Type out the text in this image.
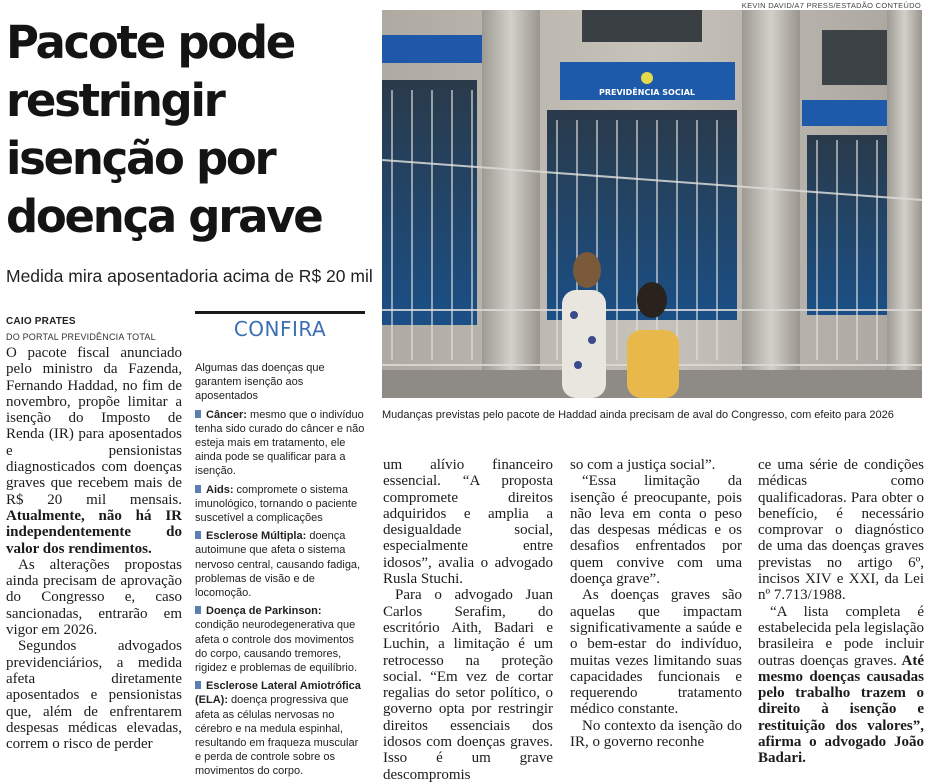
Pacote pode restringir isenção por doença grave
Medida mira aposentadoria acima de R$ 20 mil
CAIO PRATES
DO PORTAL PREVIDÊNCIA TOTAL

O pacote fiscal anunciado pelo ministro da Fazenda, Fernando Haddad, no fim de novembro, propõe limitar a isenção do Imposto de Renda (IR) para aposentados e pensionistas diagnosticados com doenças graves que recebem mais de R$ 20 mil mensais. Atualmente, não há IR independentemente do valor dos rendimentos.

As alterações propostas ainda precisam de aprovação do Congresso e, caso sancionadas, entrarão em vigor em 2026.

Segundos advogados previdenciários, a medida afeta diretamente aposentados e pensionistas que, além de enfrentarem despesas médicas elevadas, correm o risco de perder

CONFIRA

Algumas das doenças que garantem isenção aos aposentados

Câncer: mesmo que o indivíduo tenha sido curado do câncer e não esteja mais em tratamento, ele ainda pode se qualificar para a isenção.

Aids: compromete o sistema imunológico, tornando o paciente suscetível a complicações

Esclerose Múltipla: doença autoimune que afeta o sistema nervoso central, causando fadiga, problemas de visão e de locomoção.

Doença de Parkinson: condição neurodegenerativa que afeta o controle dos movimentos do corpo, causando tremores, rigidez e problemas de equilíbrio.

Esclerose Lateral Amiotrófica (ELA): doença progressiva que afeta as células nervosas no cérebro e na medula espinhal, resultando em fraqueza muscular e perda de controle sobre os movimentos do corpo.

KEVIN DAVID/A7 PRESS/ESTADÃO CONTEÚDO
PREVIDÊNCIA SOCIAL
Mudanças previstas pelo pacote de Haddad ainda precisam de aval do Congresso, com efeito para 2026

um alívio financeiro essencial. “A proposta compromete direitos adquiridos e amplia a desigualdade social, especialmente entre idosos”, avalia o advogado Rusla Stuchi.

Para o advogado Juan Carlos Serafim, do escritório Aith, Badari e Luchin, a limitação é um retrocesso na proteção social. “Em vez de cortar regalias do setor político, o governo opta por restringir direitos essenciais dos idosos com doenças graves. Isso é um grave descompromis

so com a justiça social”.

“Essa limitação da isenção é preocupante, pois não leva em conta o peso das despesas médicas e os desafios enfrentados por quem convive com uma doença grave”.

As doenças graves são aquelas que impactam significativamente a saúde e o bem-estar do indivíduo, muitas vezes limitando suas capacidades funcionais e requerendo tratamento médico constante.

No contexto da isenção do IR, o governo reconhe

ce uma série de condições médicas como qualificadoras. Para obter o benefício, é necessário comprovar o diagnóstico de uma das doenças graves previstas no artigo 6º, incisos XIV e XXI, da Lei nº 7.713/1988.

“A lista completa é estabelecida pela legislação brasileira e pode incluir outras doenças graves. Até mesmo doenças causadas pelo trabalho trazem o direito à isenção e restituição dos valores”, afirma o advogado João Badari.
